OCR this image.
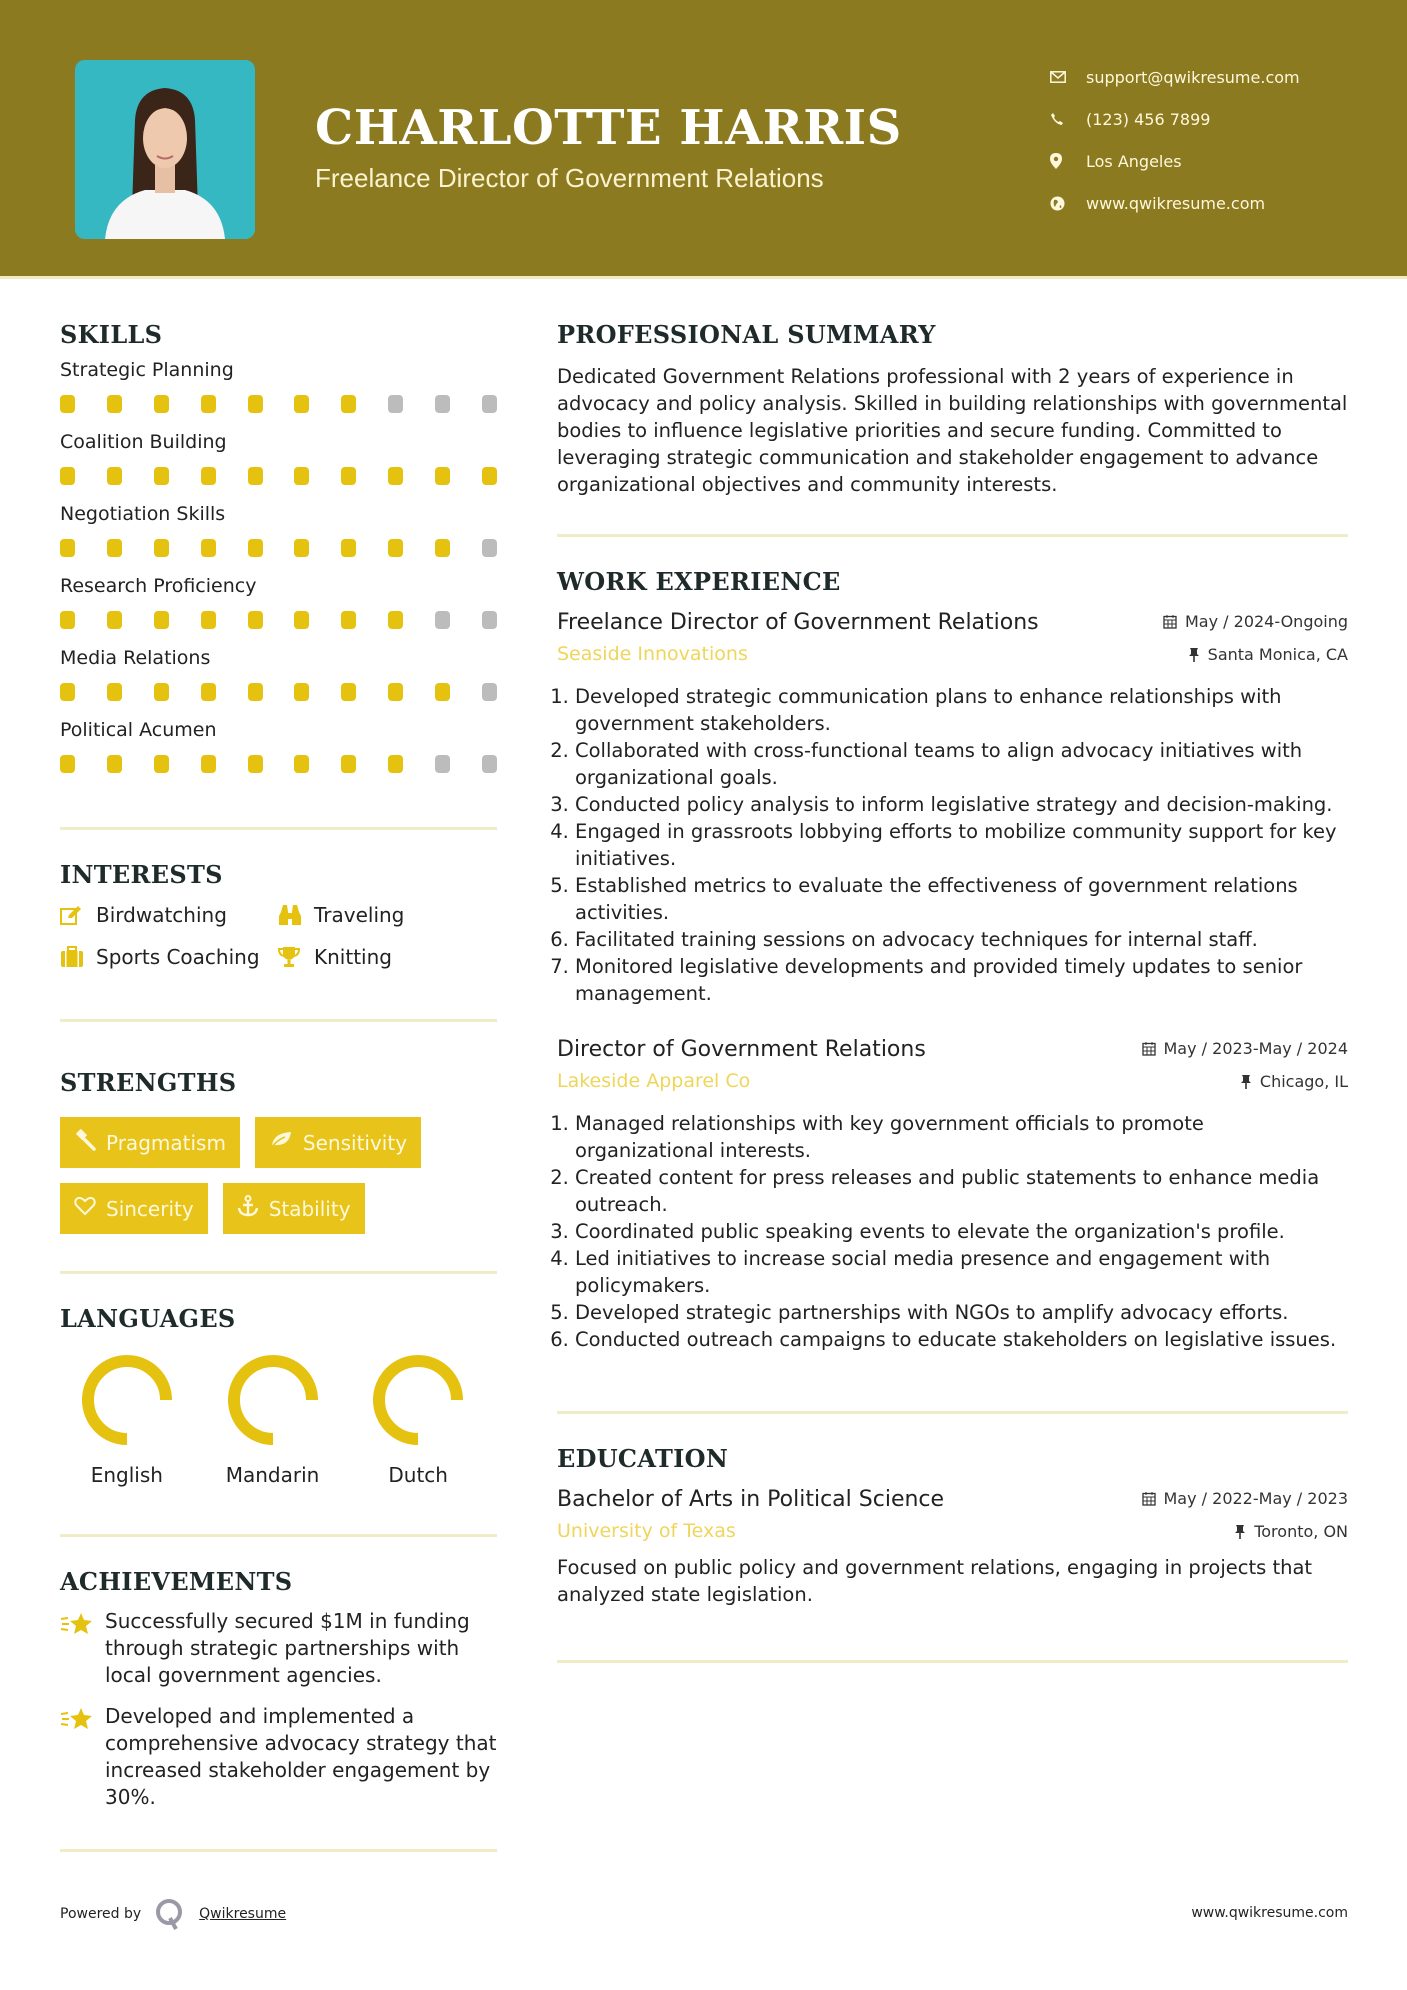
CHARLOTTE HARRIS
Freelance Director of Government Relations
support@qwikresume.com
(123) 456 7899
Los Angeles
www.qwikresume.com
SKILLS
Strategic Planning
Coalition Building
Negotiation Skills
Research Proficiency
Media Relations
Political Acumen
INTERESTS
Birdwatching	Traveling
Sports Coaching	Knitting
STRENGTHS
Pragmatism	Sensitivity
Sincerity	Stability
LANGUAGES
English	Mandarin	Dutch
ACHIEVEMENTS
Successfully secured $1M in funding through strategic partnerships with local government agencies.
Developed and implemented a comprehensive advocacy strategy that increased stakeholder engagement by 30%.
PROFESSIONAL SUMMARY

Dedicated Government Relations professional with 2 years of experience in advocacy and policy analysis. Skilled in building relationships with governmental bodies to influence legislative priorities and secure funding. Committed to leveraging strategic communication and stakeholder engagement to advance organizational objectives and community interests.

WORK EXPERIENCE
Freelance Director of Government Relations	May / 2024-Ongoing
Seaside Innovations	Santa Monica, CA
1. Developed strategic communication plans to enhance relationships with government stakeholders.
2. Collaborated with cross-functional teams to align advocacy initiatives with organizational goals.
3. Conducted policy analysis to inform legislative strategy and decision-making.
4. Engaged in grassroots lobbying efforts to mobilize community support for key initiatives.
5. Established metrics to evaluate the effectiveness of government relations activities.
6. Facilitated training sessions on advocacy techniques for internal staff.
7. Monitored legislative developments and provided timely updates to senior management.
Director of Government Relations	May / 2023-May / 2024
Lakeside Apparel Co	Chicago, IL
1. Managed relationships with key government officials to promote organizational interests.
2. Created content for press releases and public statements to enhance media outreach.
3. Coordinated public speaking events to elevate the organization's profile.
4. Led initiatives to increase social media presence and engagement with policymakers.
5. Developed strategic partnerships with NGOs to amplify advocacy efforts.
6. Conducted outreach campaigns to educate stakeholders on legislative issues.
EDUCATION
Bachelor of Arts in Political Science	May / 2022-May / 2023
University of Texas	Toronto, ON

Focused on public policy and government relations, engaging in projects that analyzed state legislation.

Powered by	Qwikresume	www.qwikresume.com
